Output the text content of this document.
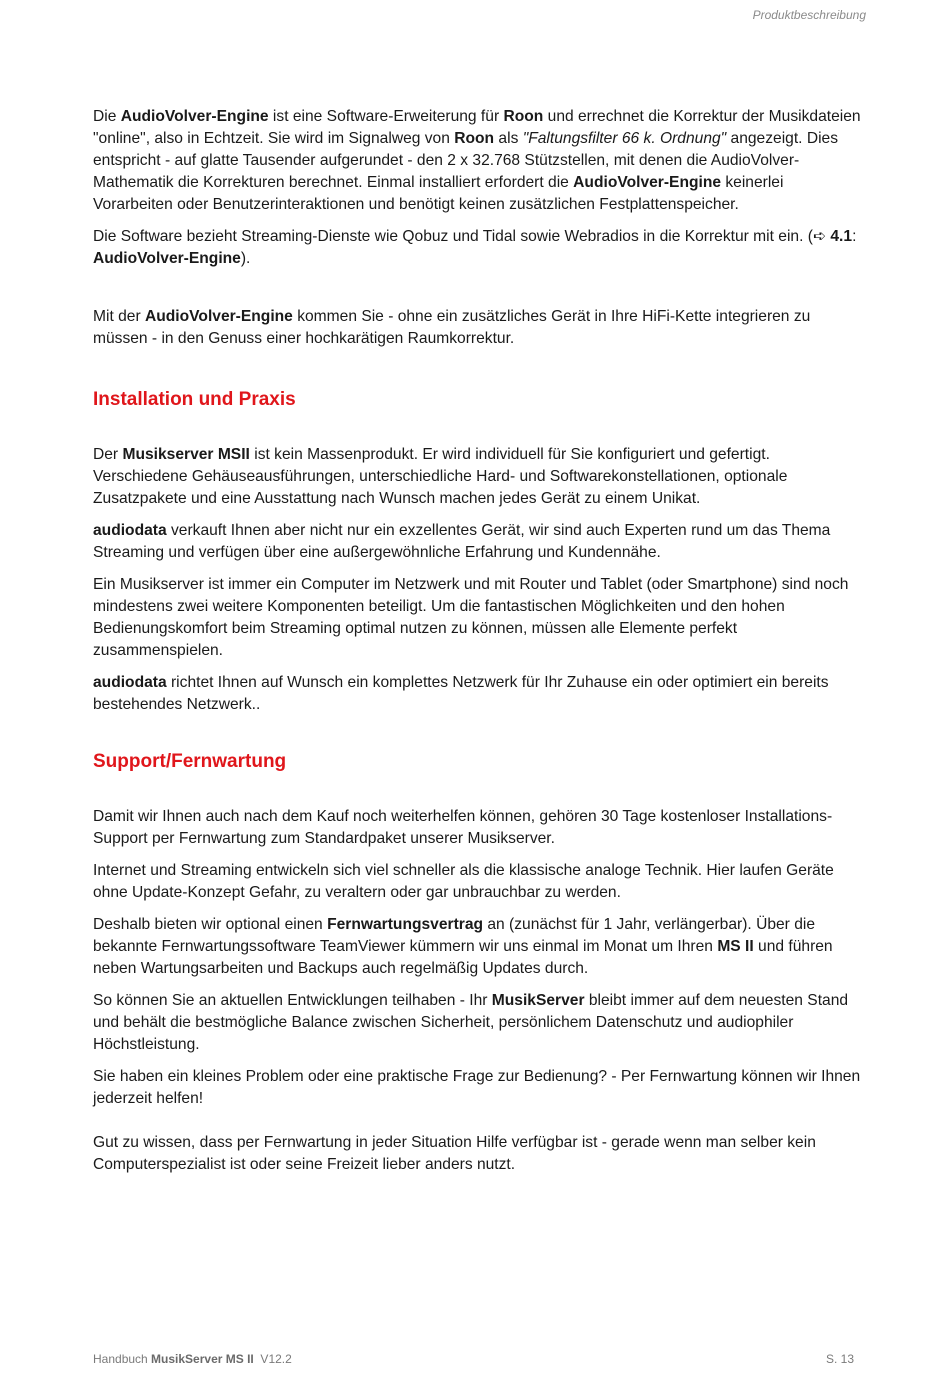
Produktbeschreibung

Die AudioVolver-Engine ist eine Software-Erweiterung für Roon und errechnet die Korrektur der Musikdateien "online", also in Echtzeit. Sie wird im Signalweg von Roon als "Faltungsfilter 66 k. Ordnung" angezeigt. Dies entspricht - auf glatte Tausender aufgerundet - den 2 x 32.768 Stützstellen, mit denen die AudioVolver-Mathematik die Korrekturen berechnet. Einmal installiert erfordert die AudioVolver-Engine keinerlei Vorarbeiten oder Benutzerinteraktionen und benötigt keinen zusätzlichen Festplattenspeicher.

Die Software bezieht Streaming-Dienste wie Qobuz und Tidal sowie Webradios in die Korrektur mit ein. (➪ 4.1: AudioVolver-Engine).

Mit der AudioVolver-Engine kommen Sie - ohne ein zusätzliches Gerät in Ihre HiFi-Kette integrieren zu müssen - in den Genuss einer hochkarätigen Raumkorrektur.

Installation und Praxis

Der Musikserver MSII ist kein Massenprodukt. Er wird individuell für Sie konfiguriert und gefertigt. Verschiedene Gehäuseausführungen, unterschiedliche Hard- und Softwarekonstellationen, optionale Zusatzpakete und eine Ausstattung nach Wunsch machen jedes Gerät zu einem Unikat.

audiodata verkauft Ihnen aber nicht nur ein exzellentes Gerät, wir sind auch Experten rund um das Thema Streaming und verfügen über eine außergewöhnliche Erfahrung und Kundennähe.

Ein Musikserver ist immer ein Computer im Netzwerk und mit Router und Tablet (oder Smartphone) sind noch mindestens zwei weitere Komponenten beteiligt. Um die fantastischen Möglichkeiten und den hohen Bedienungskomfort beim Streaming optimal nutzen zu können, müssen alle Elemente perfekt zusammenspielen.

audiodata richtet Ihnen auf Wunsch ein komplettes Netzwerk für Ihr Zuhause ein oder optimiert ein bereits bestehendes Netzwerk..

Support/Fernwartung

Damit wir Ihnen auch nach dem Kauf noch weiterhelfen können, gehören 30 Tage kostenloser Installations-Support per Fernwartung zum Standardpaket unserer Musikserver.

Internet und Streaming entwickeln sich viel schneller als die klassische analoge Technik. Hier laufen Geräte ohne Update-Konzept Gefahr, zu veraltern oder gar unbrauchbar zu werden.

Deshalb bieten wir optional einen Fernwartungsvertrag an (zunächst für 1 Jahr, verlängerbar). Über die bekannte Fernwartungssoftware TeamViewer kümmern wir uns einmal im Monat um Ihren MS II und führen neben Wartungsarbeiten und Backups auch regelmäßig Updates durch.

So können Sie an aktuellen Entwicklungen teilhaben - Ihr MusikServer bleibt immer auf dem neuesten Stand und behält die bestmögliche Balance zwischen Sicherheit, persönlichem Datenschutz und audiophiler Höchstleistung.

Sie haben ein kleines Problem oder eine praktische Frage zur Bedienung? - Per Fernwartung können wir Ihnen jederzeit helfen!

Gut zu wissen, dass per Fernwartung in jeder Situation Hilfe verfügbar ist - gerade wenn man selber kein Computerspezialist ist oder seine Freizeit lieber anders nutzt.

Handbuch MusikServer MS II  V12.2	S. 13
